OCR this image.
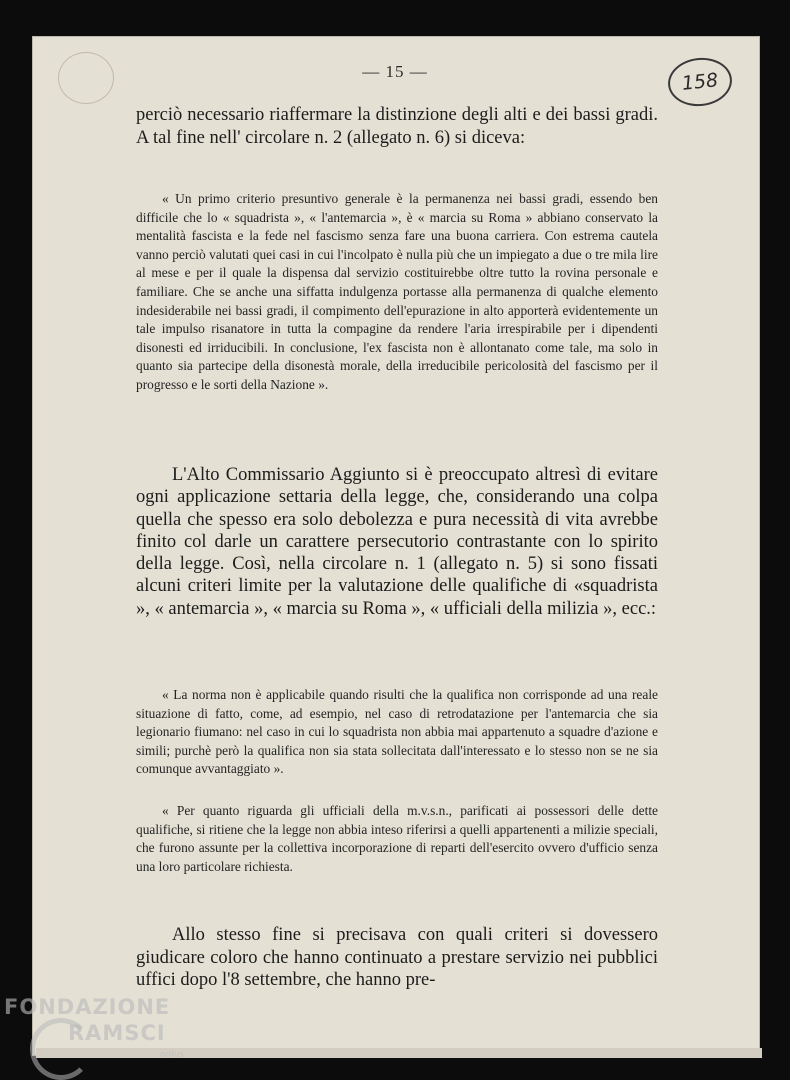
— 15 —	158

perciò necessario riaffermare la distinzione degli alti e dei bassi gradi. A tal fine nell' circolare n. 2 (allegato n. 6) si diceva:

« Un primo criterio presuntivo generale è la permanenza nei bassi gradi, essendo ben difficile che lo « squadrista », « l'antemarcia », è « marcia su Roma » abbiano conservato la mentalità fascista e la fede nel fascismo senza fare una buona carriera. Con estrema cautela vanno perciò valutati quei casi in cui l'incolpato è nulla più che un impiegato a due o tre mila lire al mese e per il quale la dispensa dal servizio costituirebbe oltre tutto la rovina personale e familiare. Che se anche una siffatta indulgenza portasse alla permanenza di qualche elemento indesiderabile nei bassi gradi, il compimento dell'epurazione in alto apporterà evidentemente un tale impulso risanatore in tutta la compagine da rendere l'aria irrespirabile per i dipendenti disonesti ed irriducibili. In conclusione, l'ex fascista non è allontanato come tale, ma solo in quanto sia partecipe della disonestà morale, della irreducibile pericolosità del fascismo per il progresso e le sorti della Nazione ».

L'Alto Commissario Aggiunto si è preoccupato altresì di evitare ogni applicazione settaria della legge, che, considerando una colpa quella che spesso era solo debolezza e pura necessità di vita avrebbe finito col darle un carattere persecutorio contrastante con lo spirito della legge. Così, nella circolare n. 1 (allegato n. 5) si sono fissati alcuni criteri limite per la valutazione delle qualifiche di «squadrista », « antemarcia », « marcia su Roma », « ufficiali della milizia », ecc.:

« La norma non è applicabile quando risulti che la qualifica non corrisponde ad una reale situazione di fatto, come, ad esempio, nel caso di retrodatazione per l'antemarcia che sia legionario fiumano: nel caso in cui lo squadrista non abbia mai appartenuto a squadre d'azione e simili; purchè però la qualifica non sia stata sollecitata dall'interessato e lo stesso non se ne sia comunque avvantaggiato ».

« Per quanto riguarda gli ufficiali della m.v.s.n., parificati ai possessori delle dette qualifiche, si ritiene che la legge non abbia inteso riferirsi a quelli appartenenti a milizie speciali, che furono assunte per la collettiva incorporazione di reparti dell'esercito ovvero d'ufficio senza una loro particolare richiesta.

Allo stesso fine si precisava con quali criteri si dovessero giudicare coloro che hanno continuato a prestare servizio nei pubblici uffici dopo l'8 settembre, che hanno pre-

FONDAZIONE
RAMSCI
onlus
